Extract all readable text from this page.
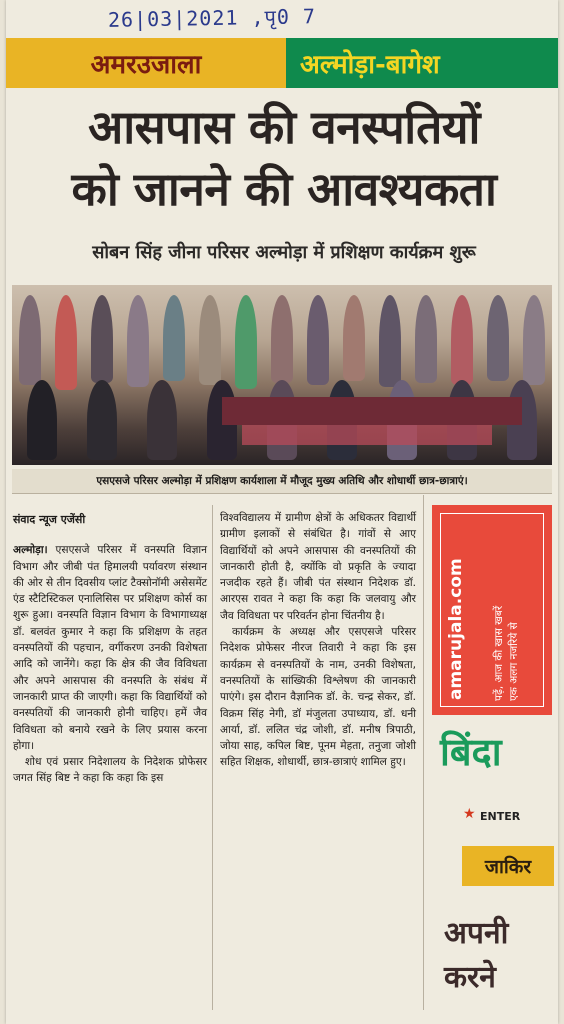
26|03|2021 ,पृ0 7
अमरउजाला	अल्मोड़ा-बागेश
आसपास की वनस्पतियों
को जानने की आवश्यकता
सोबन सिंह जीना परिसर अल्मोड़ा में प्रशिक्षण कार्यक्रम शुरू
एसएसजे परिसर अल्मोड़ा में प्रशिक्षण कार्यशाला में मौजूद मुख्य अतिथि और शोधार्थी छात्र-छात्राएं।
संवाद न्यूज एजेंसी

अल्मोड़ा। एसएसजे परिसर में वनस्पति विज्ञान विभाग और जीबी पंत हिमालयी पर्यावरण संस्थान की ओर से तीन दिवसीय प्लांट टैक्सोनॉमी असेसमेंट एंड स्टैटिस्टिकल एनालिसिस पर प्रशिक्षण कोर्स का शुरू हुआ। वनस्पति विज्ञान विभाग के विभागाध्यक्ष डॉ. बलवंत कुमार ने कहा कि प्रशिक्षण के तहत वनस्पतियों की पहचान, वर्गीकरण उनकी विशेषता आदि को जानेंगे। कहा कि क्षेत्र की जैव विविधता और अपने आसपास की वनस्पति के संबंध में जानकारी प्राप्त की जाएगी। कहा कि विद्यार्थियों को वनस्पतियों की जानकारी होनी चाहिए। हमें जैव विविधता को बनाये रखने के लिए प्रयास करना होगा।

शोध एवं प्रसार निदेशालय के निदेशक प्रोफेसर जगत सिंह बिष्ट ने कहा कि कहा कि इस

विश्वविद्यालय में ग्रामीण क्षेत्रों के अधिकतर विद्यार्थी ग्रामीण इलाकों से संबंधित है। गांवों से आए विद्यार्थियों को अपने आसपास की वनस्पतियों की जानकारी होती है, क्योंकि वो प्रकृति के ज्यादा नजदीक रहते हैं। जीबी पंत संस्थान निदेशक डॉ. आरएस रावत ने कहा कि कहा कि जलवायु और जैव विविधता पर परिवर्तन होना चिंतनीय है।

कार्यक्रम के अध्यक्ष और एसएसजे परिसर निदेशक प्रोफेसर नीरज तिवारी ने कहा कि इस कार्यक्रम से वनस्पतियों के नाम, उनकी विशेषता, वनस्पतियों के सांख्यिकी विश्लेषण की जानकारी पाएंगे। इस दौरान वैज्ञानिक डॉ. के. चन्द्र सेकर, डॉ. विक्रम सिंह नेगी, डॉ मंजुलता उपाध्याय, डॉ. धनी आर्या, डॉ. ललित चंद्र जोशी, डॉ. मनीष त्रिपाठी, जोया साह, कपिल बिष्ट, पूनम मेहता, तनुजा जोशी सहित शिक्षक, शोधार्थी, छात्र-छात्राएं शामिल हुए।

amarujala.com	पढ़ें, आज की खास खबरें एक अलग नजरिये से
बिंदा
★ ENTER
जाकिर
अपनी
करने
